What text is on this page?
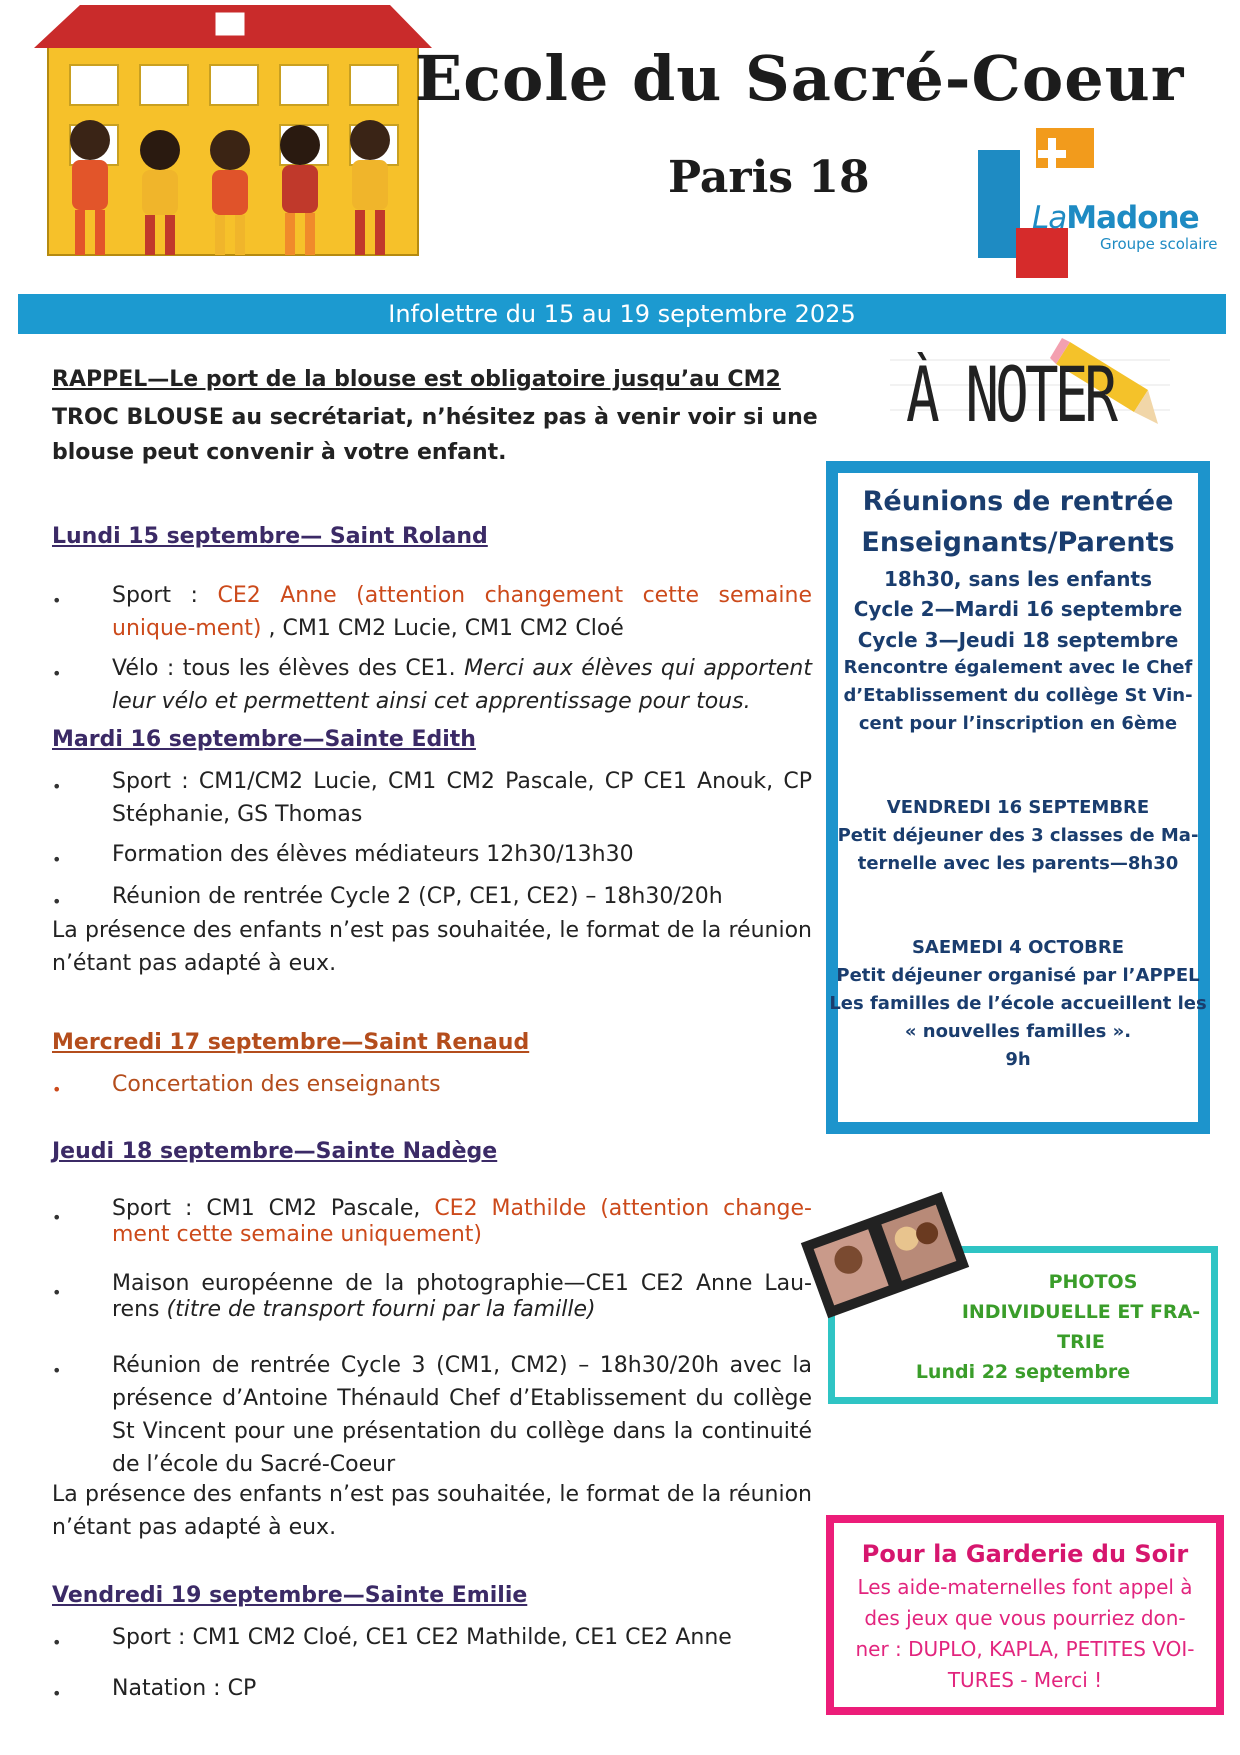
Ecole du Sacré-Coeur
Paris 18
LaMadone
Groupe scolaire
Infolettre du 15 au 19 septembre 2025
RAPPEL—Le port de la blouse est obligatoire jusqu’au CM2
TROC BLOUSE au secrétariat, n’hésitez pas à venir voir si une
blouse peut convenir à votre enfant.
Lundi 15 septembre— Saint Roland
• Sport : CE2 Anne (attention changement cette semaine unique-ment) , CM1 CM2 Lucie, CM1 CM2 Cloé
• Vélo : tous les élèves des CE1. Merci aux élèves qui apportent leur vélo et permettent ainsi cet apprentissage pour tous.
Mardi 16 septembre—Sainte Edith
• Sport : CM1/CM2 Lucie, CM1 CM2 Pascale, CP CE1 Anouk, CP Stéphanie, GS Thomas
• Formation des élèves médiateurs 12h30/13h30
• Réunion de rentrée Cycle 2 (CP, CE1, CE2) – 18h30/20h
La présence des enfants n’est pas souhaitée, le format de la réunion n’étant pas adapté à eux.
Mercredi 17 septembre—Saint Renaud
• Concertation des enseignants
Jeudi 18 septembre—Sainte Nadège
• Sport : CM1 CM2 Pascale, CE2 Mathilde (attention change-ment cette semaine uniquement)
• Maison européenne de la photographie—CE1 CE2 Anne Lau-rens (titre de transport fourni par la famille)
• Réunion de rentrée Cycle 3 (CM1, CM2) – 18h30/20h avec la présence d’Antoine Thénauld Chef d’Etablissement du collège St Vincent pour une présentation du collège dans la continuité de l’école du Sacré-Coeur
La présence des enfants n’est pas souhaitée, le format de la réunion n’étant pas adapté à eux.
Vendredi 19 septembre—Sainte Emilie
• Sport : CM1 CM2 Cloé, CE1 CE2 Mathilde, CE1 CE2 Anne
• Natation : CP
À NOTER
Réunions de rentrée
Enseignants/Parents
18h30, sans les enfants
Cycle 2—Mardi 16 septembre
Cycle 3—Jeudi 18 septembre
Rencontre également avec le Chef
d’Etablissement du collège St Vin-
cent pour l’inscription en 6ème
VENDREDI 16 SEPTEMBRE
Petit déjeuner des 3 classes de Ma-
ternelle avec les parents—8h30
SAEMEDI 4 OCTOBRE
Petit déjeuner organisé par l’APPEL
Les familles de l’école accueillent les
« nouvelles familles ».
9h
PHOTOS
INDIVIDUELLE ET FRA-
TRIE
Lundi 22 septembre
Pour la Garderie du Soir
Les aide-maternelles font appel à
des jeux que vous pourriez don-
ner : DUPLO, KAPLA, PETITES VOI-
TURES - Merci !
